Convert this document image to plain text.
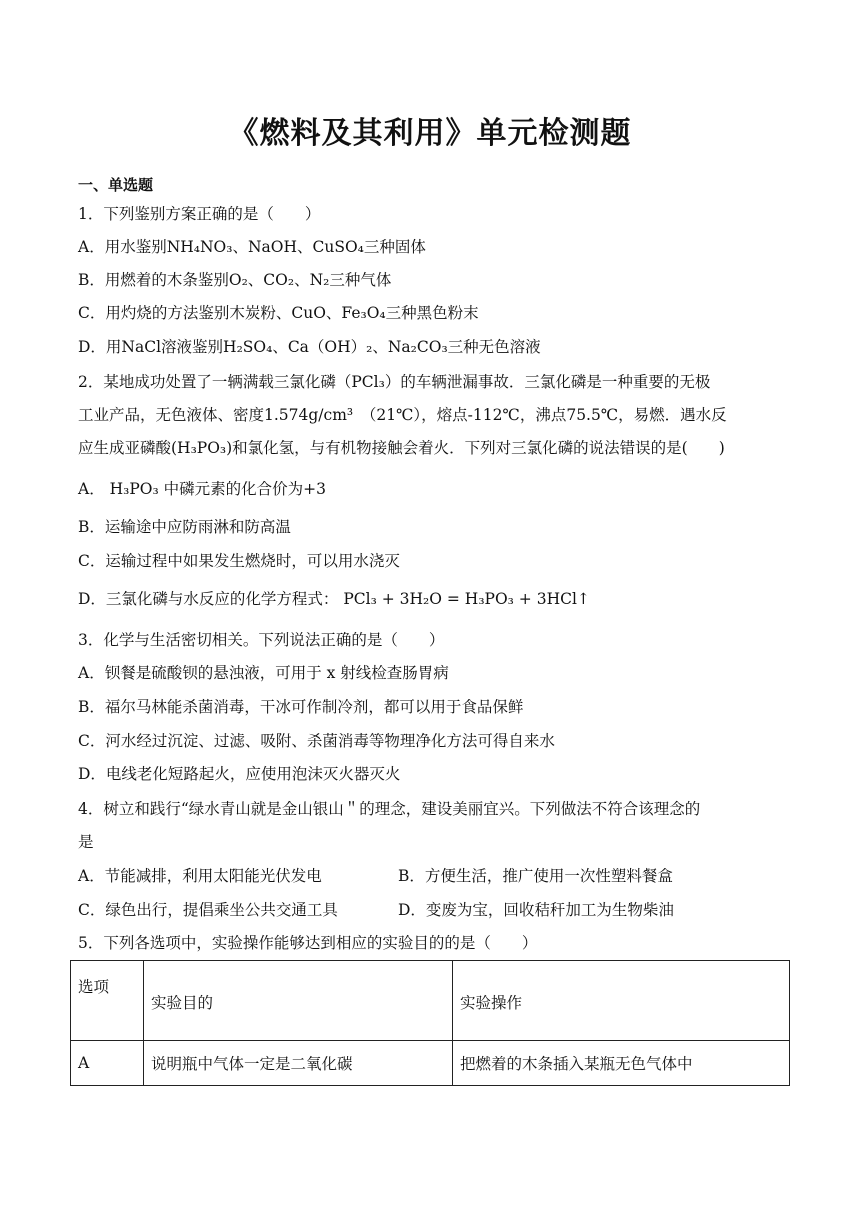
《燃料及其利用》单元检测题
一、单选题
1．下列鉴别方案正确的是（　　）
A．用水鉴别NH₄NO₃、NaOH、CuSO₄三种固体
B．用燃着的木条鉴别O₂、CO₂、N₂三种气体
C．用灼烧的方法鉴别木炭粉、CuO、Fe₃O₄三种黑色粉末
D．用NaCl溶液鉴别H₂SO₄、Ca（OH）₂、Na₂CO₃三种无色溶液
2．某地成功处置了一辆满载三氯化磷（PCl₃）的车辆泄漏事故．三氯化磷是一种重要的无极
工业产品，无色液体、密度1.574g/cm³　（21℃），熔点-112℃，沸点75.5℃，易燃．遇水反
应生成亚磷酸(H₃PO₃)和氯化氢，与有机物接触会着火．下列对三氯化磷的说法错误的是(　　)
A． H₃PO₃ 中磷元素的化合价为+3
B．运输途中应防雨淋和防高温
C．运输过程中如果发生燃烧时，可以用水浇灭
D．三氯化磷与水反应的化学方程式： PCl₃ + 3H₂O = H₃PO₃ + 3HCl↑
3．化学与生活密切相关。下列说法正确的是（　　）
A．钡餐是硫酸钡的悬浊液，可用于 x 射线检查肠胃病
B．福尔马林能杀菌消毒，干冰可作制冷剂，都可以用于食品保鲜
C．河水经过沉淀、过滤、吸附、杀菌消毒等物理净化方法可得自来水
D．电线老化短路起火，应使用泡沫灭火器灭火
4．树立和践行“绿水青山就是金山银山＂的理念，建设美丽宜兴。下列做法不符合该理念的
是
A．节能减排，利用太阳能光伏发电	B．方便生活，推广使用一次性塑料餐盒
C．绿色出行，提倡乘坐公共交通工具	D．变废为宝，回收秸秆加工为生物柴油
5．下列各选项中，实验操作能够达到相应的实验目的的是（　　）
选项	实验目的	实验操作

A	说明瓶中气体一定是二氧化碳	把燃着的木条插入某瓶无色气体中
